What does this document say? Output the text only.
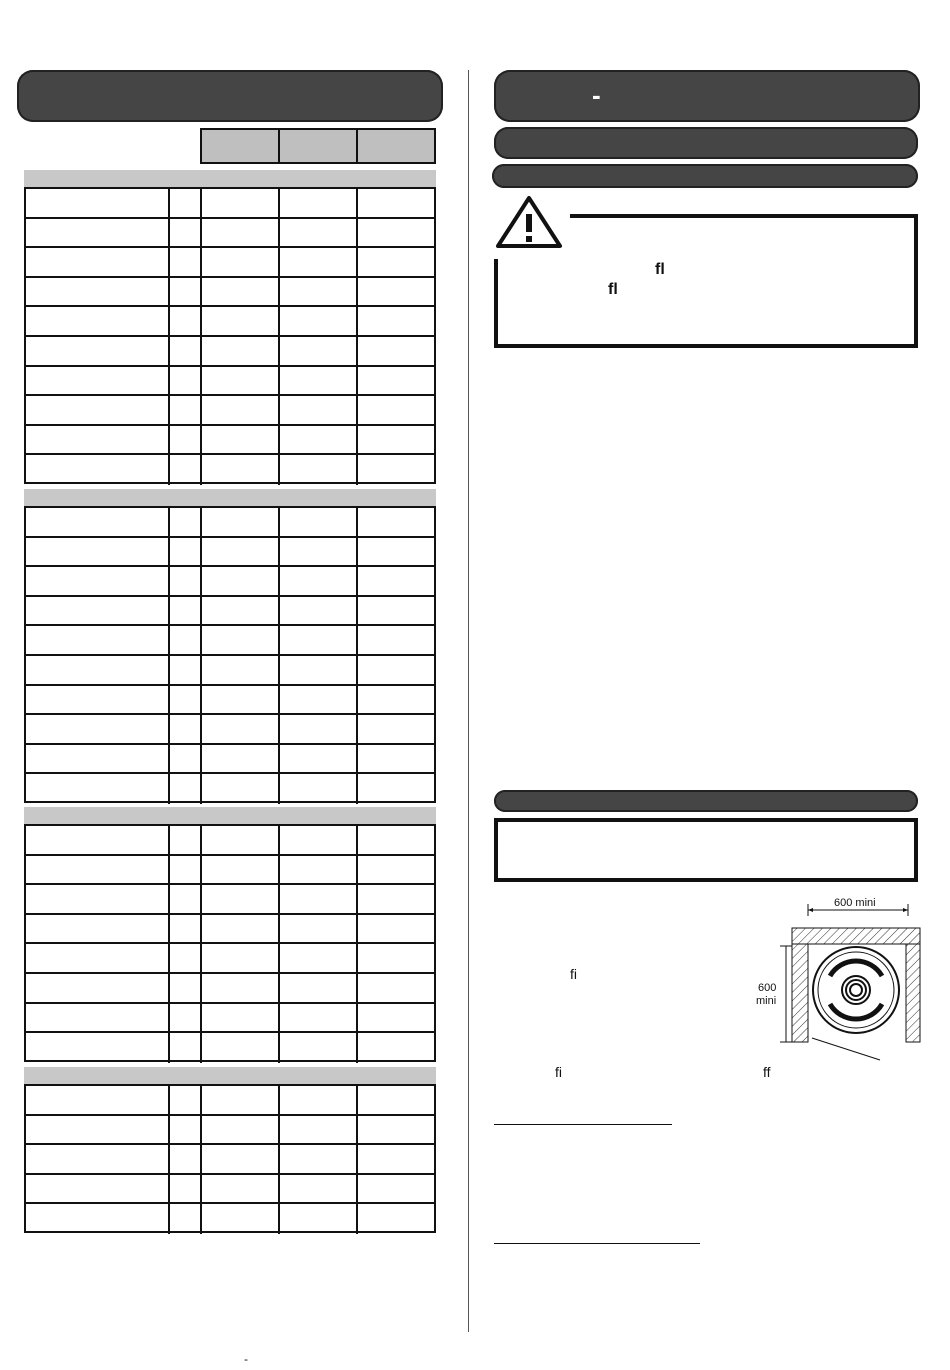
-
fl
fl
600 mini
600
mini
fi
fi	ff
-
